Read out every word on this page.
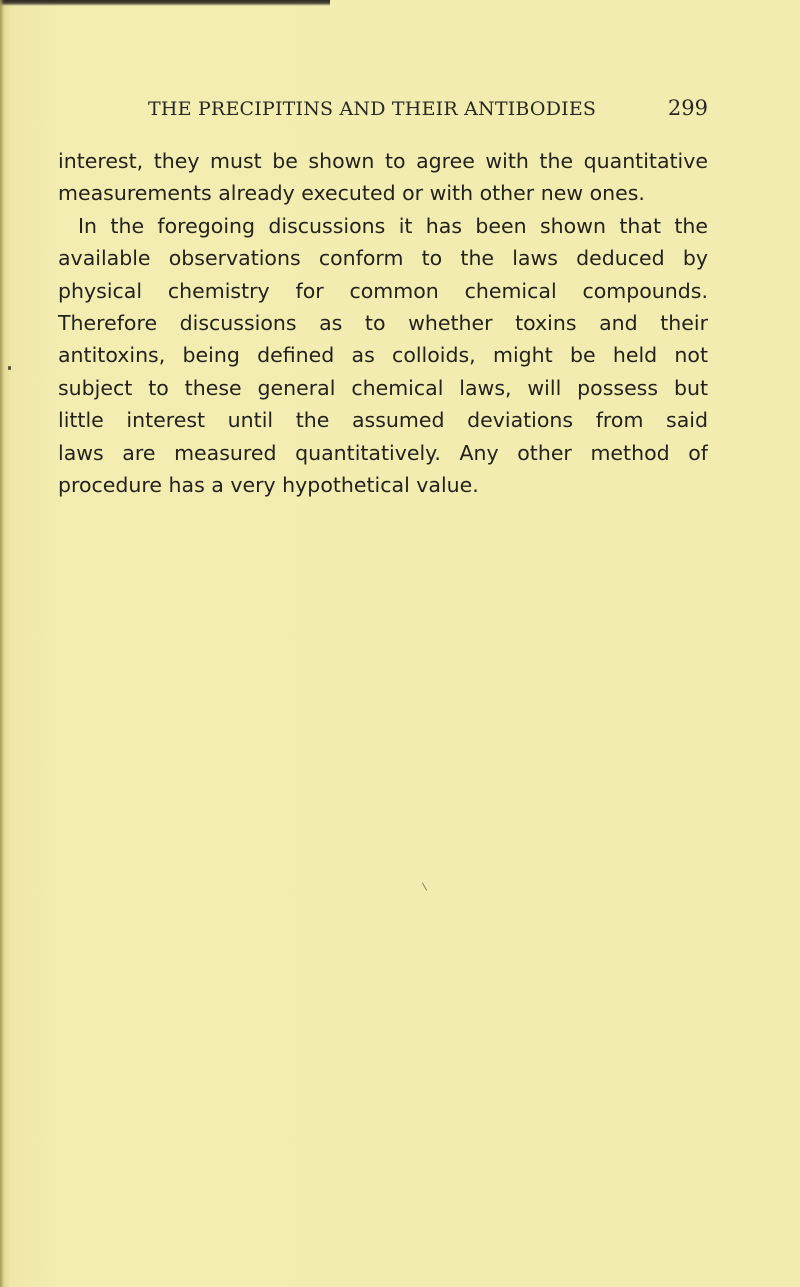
THE PRECIPITINS AND THEIR ANTIBODIES	299
interest, they must be shown to agree with the quantitative
measurements already executed or with other new ones.
In the foregoing discussions it has been shown that the
available observations conform to the laws deduced by
physical chemistry for common chemical compounds.
Therefore discussions as to whether toxins and their
antitoxins, being defined as colloids, might be held not
subject to these general chemical laws, will possess but
little interest until the assumed deviations from said
laws are measured quantitatively. Any other method of
procedure has a very hypothetical value.
